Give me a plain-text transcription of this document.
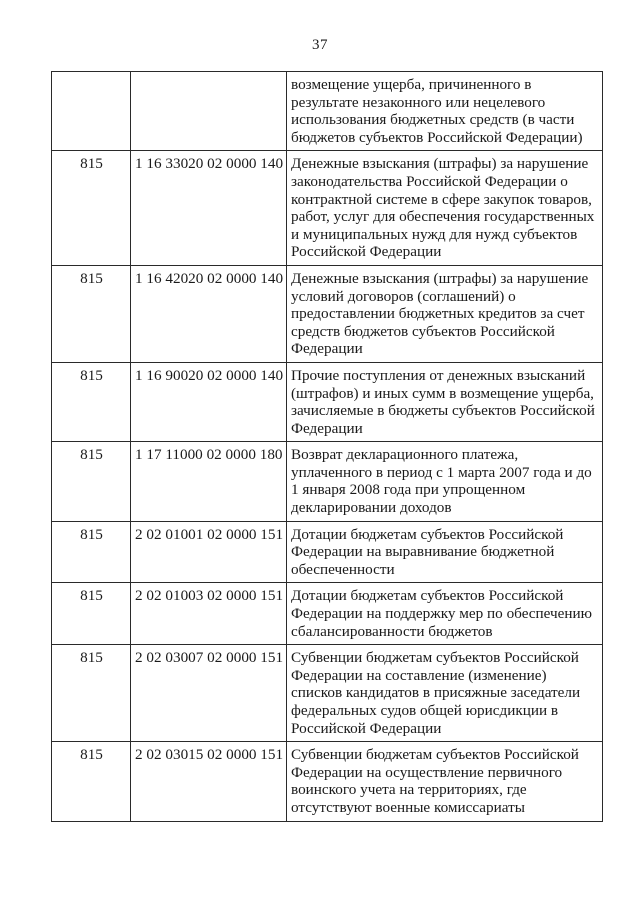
37
		возмещение ущерба, причиненного в результате незаконного или нецелевого использования бюджетных средств (в части бюджетов субъектов Российской Федерации)
815	1 16 33020 02 0000 140	Денежные взыскания (штрафы) за нарушение законодательства Российской Федерации о контрактной системе в сфере закупок товаров, работ, услуг для обеспечения государственных и муниципальных нужд для нужд субъектов Российской Федерации
815	1 16 42020 02 0000 140	Денежные взыскания (штрафы) за нарушение условий договоров (соглашений) о предоставлении бюджетных кредитов за счет средств бюджетов субъектов Российской Федерации
815	1 16 90020 02 0000 140	Прочие поступления от денежных взысканий (штрафов) и иных сумм в возмещение ущерба, зачисляемые в бюджеты субъектов Российской Федерации
815	1 17 11000 02 0000 180	Возврат декларационного платежа, уплаченного в период с 1 марта 2007 года и до 1 января 2008 года при упрощенном декларировании доходов
815	2 02 01001 02 0000 151	Дотации бюджетам субъектов Российской Федерации на выравнивание бюджетной обеспеченности
815	2 02 01003 02 0000 151	Дотации бюджетам субъектов Российской Федерации на поддержку мер по обеспечению сбалансированности бюджетов
815	2 02 03007 02 0000 151	Субвенции бюджетам субъектов Российской Федерации на составление (изменение) списков кандидатов в присяжные заседатели федеральных судов общей юрисдикции в Российской Федерации
815	2 02 03015 02 0000 151	Субвенции бюджетам субъектов Российской Федерации на осуществление первичного воинского учета на территориях, где отсутствуют военные комиссариаты
